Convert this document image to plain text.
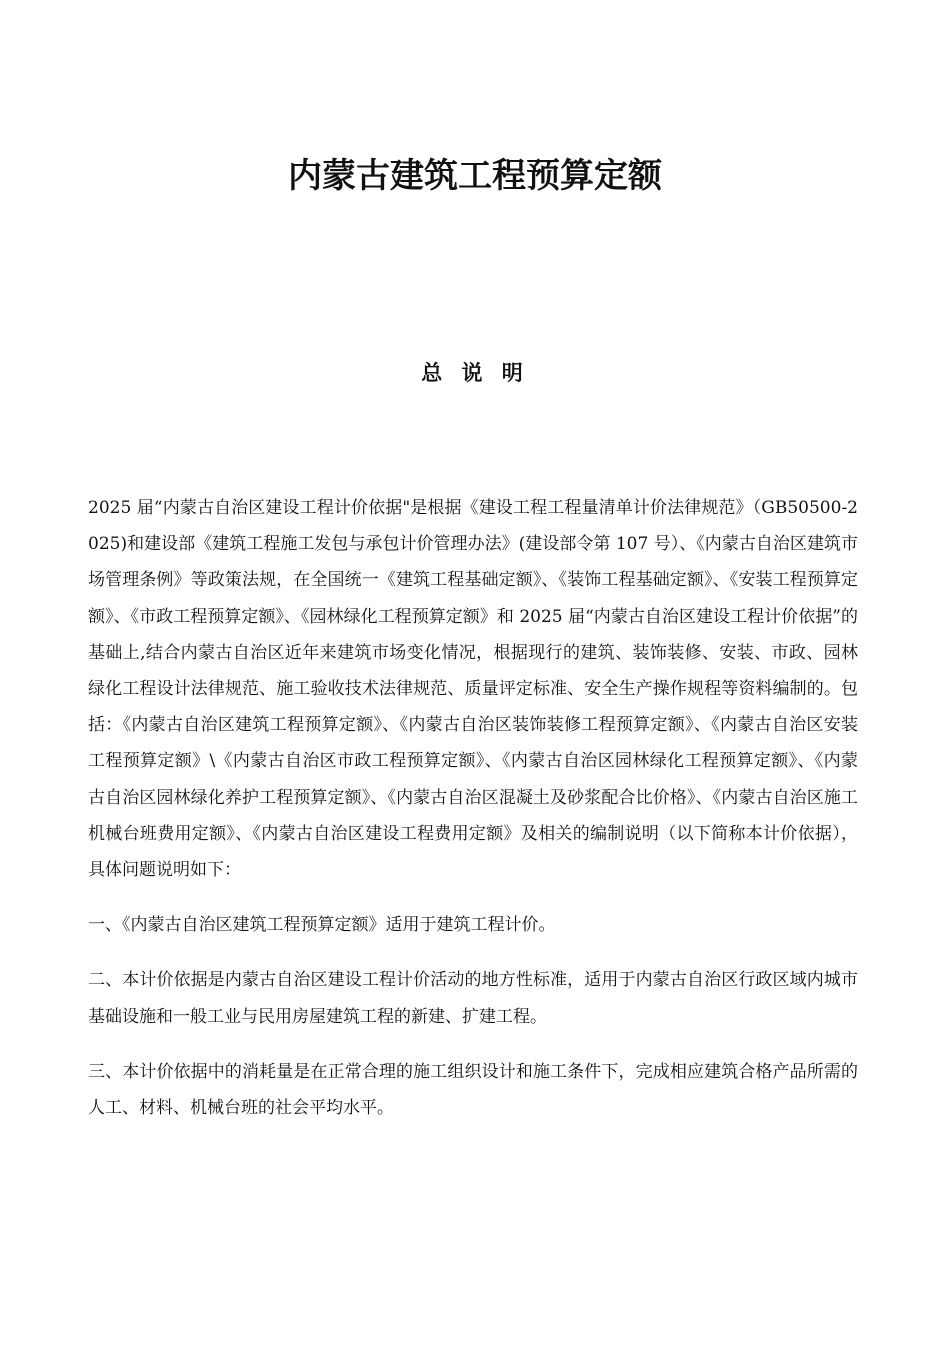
内蒙古建筑工程预算定额
总 说 明

2025 届“内蒙古自治区建设工程计价依据"是根据《建设工程工程量清单计价法律规范》（GB50500-2025)和建设部《建筑工程施工发包与承包计价管理办法》(建设部令第 107 号）、《内蒙古自治区建筑市场管理条例》等政策法规，在全国统一《建筑工程基础定额》、《装饰工程基础定额》、《安装工程预算定额》、《市政工程预算定额》、《园林绿化工程预算定额》和 2025 届“内蒙古自治区建设工程计价依据”的基础上,结合内蒙古自治区近年来建筑市场变化情况，根据现行的建筑、装饰装修、安装、市政、园林绿化工程设计法律规范、施工验收技术法律规范、质量评定标准、安全生产操作规程等资料编制的。包括：《内蒙古自治区建筑工程预算定额》、《内蒙古自治区装饰装修工程预算定额》、《内蒙古自治区安装工程预算定额》\《内蒙古自治区市政工程预算定额》、《内蒙古自治区园林绿化工程预算定额》、《内蒙古自治区园林绿化养护工程预算定额》、《内蒙古自治区混凝土及砂浆配合比价格》、《内蒙古自治区施工机械台班费用定额》、《内蒙古自治区建设工程费用定额》及相关的编制说明（以下简称本计价依据），具体问题说明如下：

一、《内蒙古自治区建筑工程预算定额》适用于建筑工程计价。

二、本计价依据是内蒙古自治区建设工程计价活动的地方性标准，适用于内蒙古自治区行政区域内城市基础设施和一般工业与民用房屋建筑工程的新建、扩建工程。

三、本计价依据中的消耗量是在正常合理的施工组织设计和施工条件下，完成相应建筑合格产品所需的人工、材料、机械台班的社会平均水平。
